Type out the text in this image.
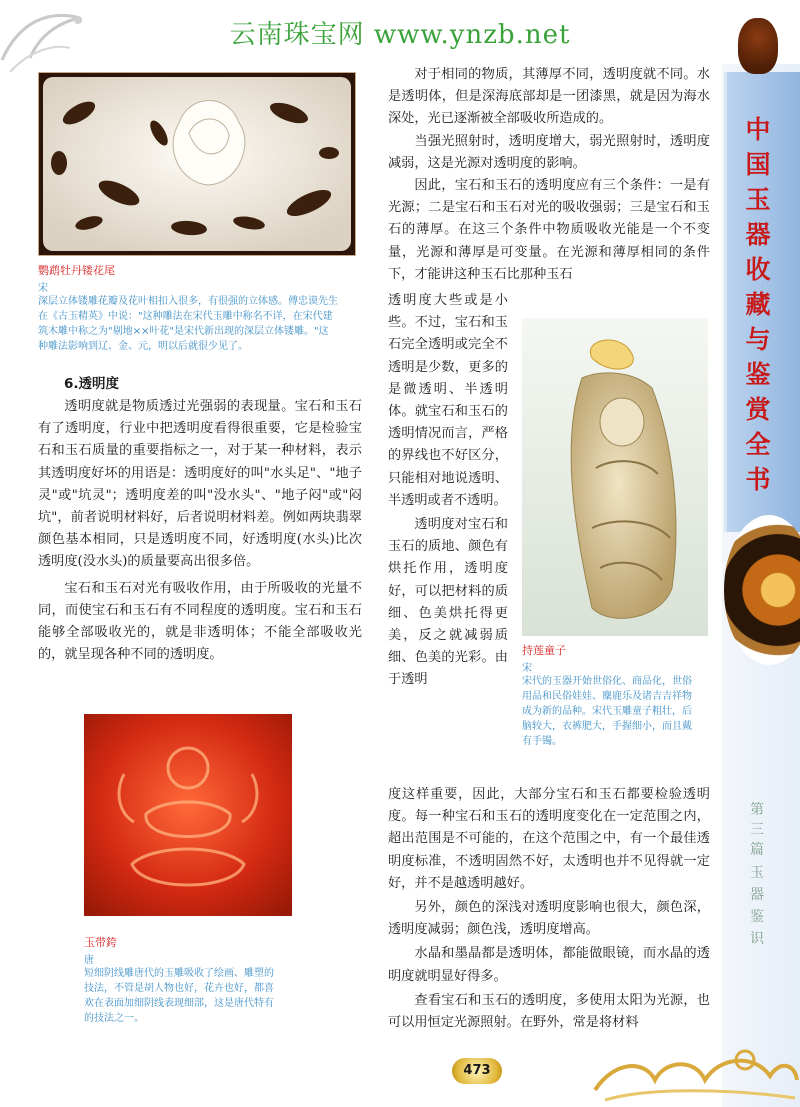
云南珠宝网 www.ynzb.net
中
国
玉
器
收
藏
与
鉴
赏
全
书
第
三
篇
玉
器
鉴
识
鹦鹉牡丹镂花尾
宋
深层立体镂雕花瓣及花叶相扣入很多，有很强的立体感。傅忠谟先生
在《古玉精英》中说："这种雕法在宋代玉雕中称名不详，在宋代建
筑木雕中称之为"剔地××叶花"是宋代新出现的深层立体镂雕。"这
种雕法影响到辽、金、元，明以后就很少见了。
6.透明度

透明度就是物质透过光强弱的表现量。宝石和玉石有了透明度，行业中把透明度看得很重要，它是检验宝石和玉石质量的重要指标之一，对于某一种材料，表示其透明度好坏的用语是：透明度好的叫"水头足"、"地子灵"或"坑灵"；透明度差的叫"没水头"、"地子闷"或"闷坑"，前者说明材料好，后者说明材料差。例如两块翡翠颜色基本相同，只是透明度不同，好透明度(水头)比次透明度(没水头)的质量要高出很多倍。

宝石和玉石对光有吸收作用，由于所吸收的光量不同，而使宝石和玉石有不同程度的透明度。宝石和玉石能够全部吸收光的，就是非透明体；不能全部吸收光的，就呈现各种不同的透明度。

玉带銙
唐
短细阴线雕唐代的玉雕吸收了绘画、雕塑的
技法，不管是胡人物也好，花卉也好，都喜
欢在表面加细阴线表现细部，这是唐代特有
的技法之一。

对于相同的物质，其薄厚不同，透明度就不同。水是透明体，但是深海底部却是一团漆黑，就是因为海水深处，光已逐渐被全部吸收所造成的。

当强光照射时，透明度增大，弱光照射时，透明度减弱，这是光源对透明度的影响。

因此，宝石和玉石的透明度应有三个条件：一是有光源；二是宝石和玉石对光的吸收强弱；三是宝石和玉石的薄厚。在这三个条件中物质吸收光能是一个不变量，光源和薄厚是可变量。在光源和薄厚相同的条件下，才能讲这种玉石比那种玉石

透明度大些或是小些。不过，宝石和玉石完全透明或完全不透明是少数，更多的是微透明、半透明体。就宝石和玉石的透明情况而言，严格的界线也不好区分，只能相对地说透明、半透明或者不透明。

透明度对宝石和玉石的质地、颜色有烘托作用，透明度好，可以把材料的质细、色美烘托得更美，反之就减弱质细、色美的光彩。由于透明

持莲童子
宋
宋代的玉器开始世俗化、商品化，世俗
用品和民俗娃娃、麋鹿乐及诸吉吉祥物
成为新的品种。宋代玉雕童子粗壮，后
脑较大，衣裤肥大，手握细小，而且戴
有手镯。

度这样重要，因此，大部分宝石和玉石都要检验透明度。每一种宝石和玉石的透明度变化在一定范围之内，超出范围是不可能的，在这个范围之中，有一个最佳透明度标准，不透明固然不好，太透明也并不见得就一定好，并不是越透明越好。

另外，颜色的深浅对透明度影响也很大，颜色深，透明度减弱；颜色浅，透明度增高。

水晶和墨晶都是透明体，都能做眼镜，而水晶的透明度就明显好得多。

查看宝石和玉石的透明度，多使用太阳为光源，也可以用恒定光源照射。在野外，常是将材料

473
